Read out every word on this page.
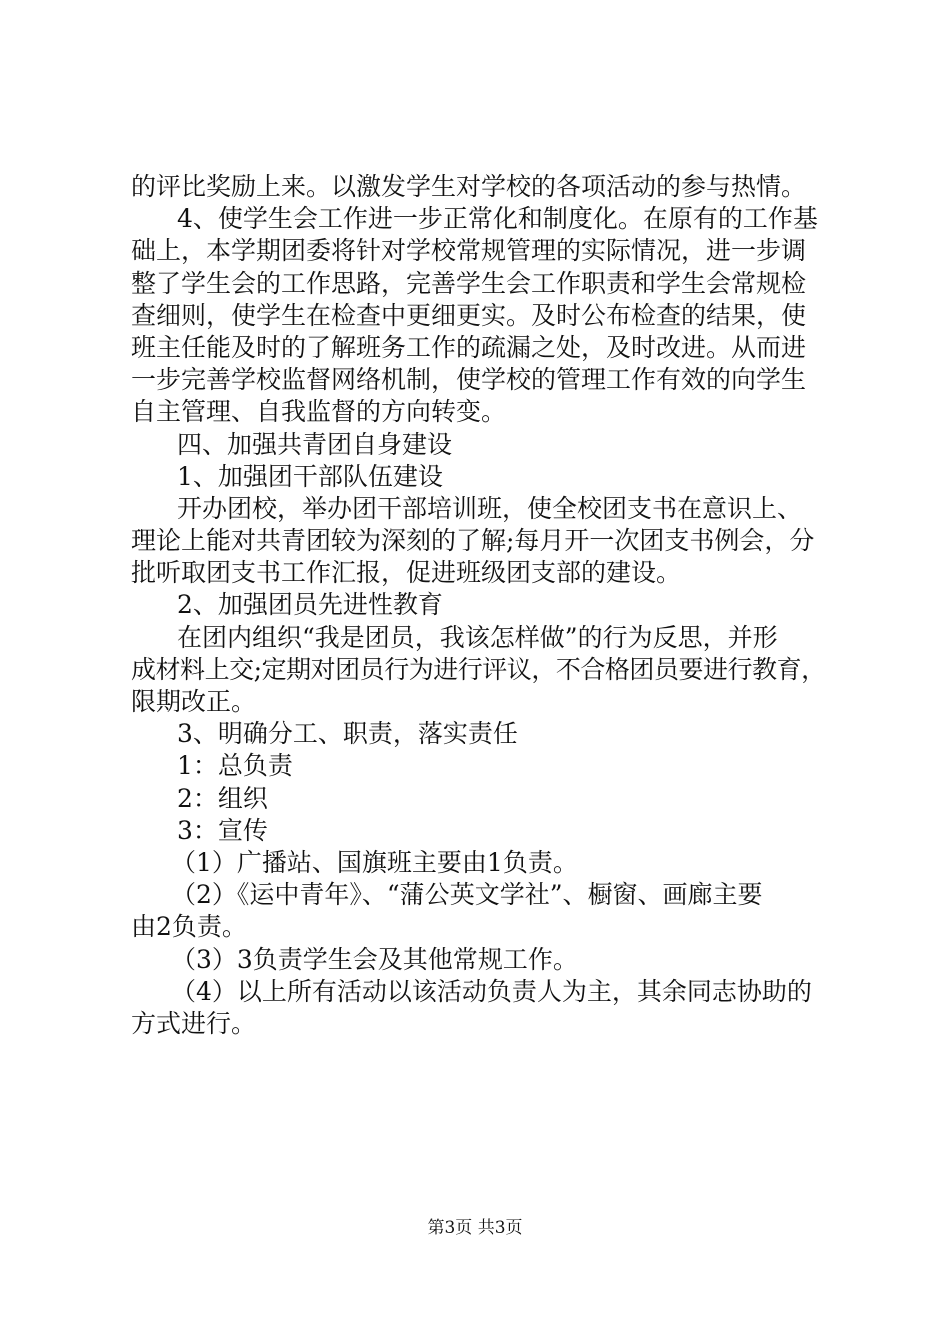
的评比奖励上来。以激发学生对学校的各项活动的参与热情。
4、使学生会工作进一步正常化和制度化。在原有的工作基
础上，本学期团委将针对学校常规管理的实际情况，进一步调
整了学生会的工作思路，完善学生会工作职责和学生会常规检
查细则，使学生在检查中更细更实。及时公布检查的结果，使
班主任能及时的了解班务工作的疏漏之处，及时改进。从而进
一步完善学校监督网络机制，使学校的管理工作有效的向学生
自主管理、自我监督的方向转变。
四、加强共青团自身建设
1、加强团干部队伍建设
开办团校，举办团干部培训班，使全校团支书在意识上、
理论上能对共青团较为深刻的了解;每月开一次团支书例会，分
批听取团支书工作汇报，促进班级团支部的建设。
2、加强团员先进性教育
在团内组织“我是团员，我该怎样做”的行为反思，并形
成材料上交;定期对团员行为进行评议，不合格团员要进行教育，
限期改正。
3、明确分工、职责，落实责任
1：总负责
2：组织
3：宣传
（1）广播站、国旗班主要由1负责。
（2）《运中青年》、“蒲公英文学社”、橱窗、画廊主要
由2负责。
（3）3负责学生会及其他常规工作。
（4）以上所有活动以该活动负责人为主，其余同志协助的
方式进行。
第3页 共3页
